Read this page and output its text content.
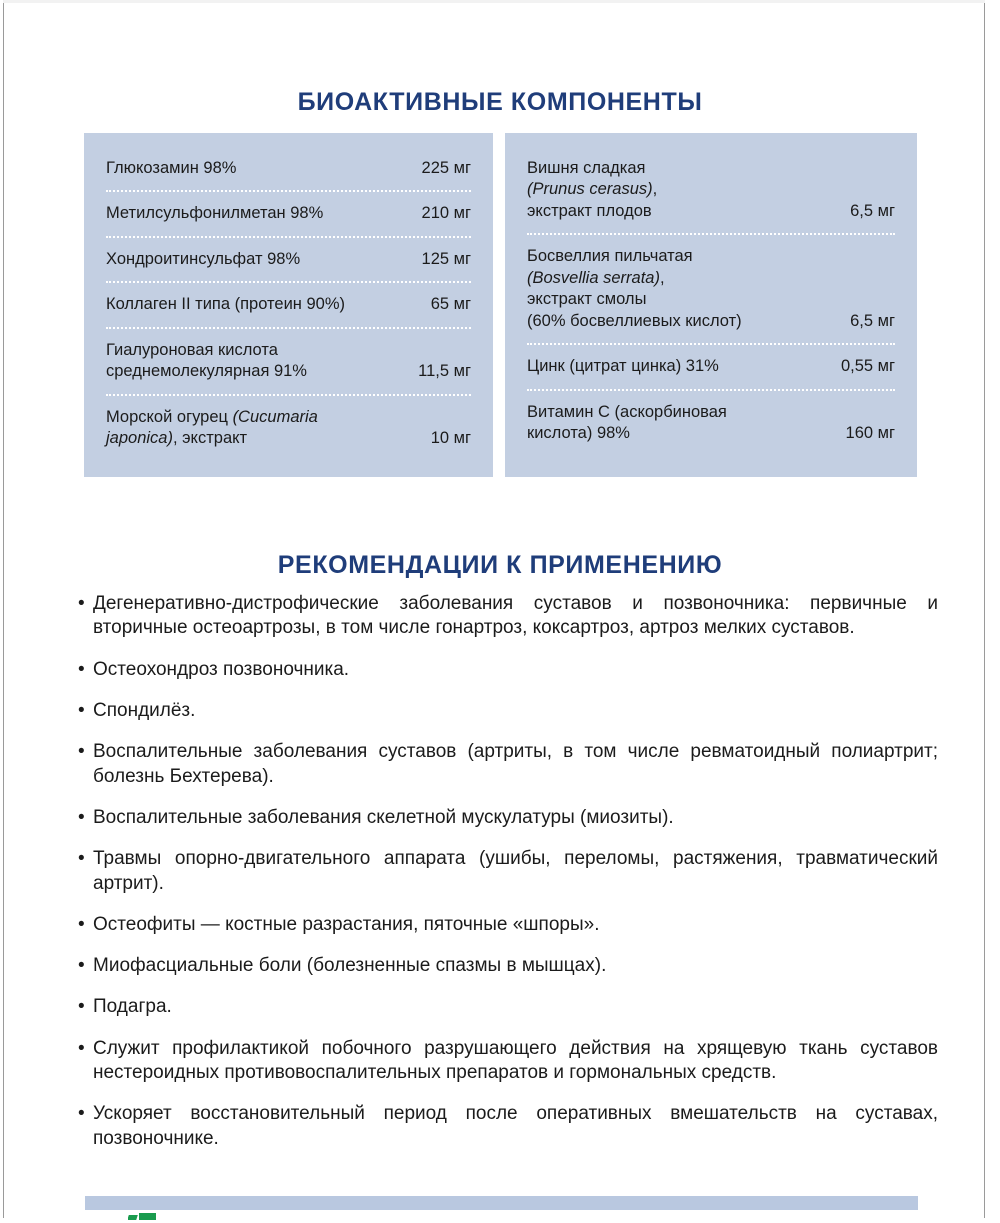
БИОАКТИВНЫЕ КОМПОНЕНТЫ
Глюкозамин 98%	225 мг
Метилсульфонилметан 98%	210 мг
Хондроитинсульфат 98%	125 мг
Коллаген II типа (протеин 90%)	65 мг
Гиалуроновая кислота
среднемолекулярная 91%	11,5 мг
Морской огурец (Cucumaria
japonica), экстракт	10 мг
Вишня сладкая
(Prunus cerasus),
экстракт плодов	6,5 мг
Босвеллия пильчатая
(Bosvellia serrata),
экстракт смолы
(60% босвеллиевых кислот)	6,5 мг
Цинк (цитрат цинка) 31%	0,55 мг
Витамин С (аскорбиновая
кислота) 98%	160 мг
РЕКОМЕНДАЦИИ К ПРИМЕНЕНИЮ
• Дегенеративно-дистрофические заболевания суставов и позвоночника: первичные и вторичные остеоартрозы, в том числе гонартроз, коксартроз, артроз мелких суставов.
• Остеохондроз позвоночника.
• Спондилёз.
• Воспалительные заболевания суставов (артриты, в том числе ревматоидный полиартрит; болезнь Бехтерева).
• Воспалительные заболевания скелетной мускулатуры (миозиты).
• Травмы опорно-двигательного аппарата (ушибы, переломы, растяжения, травматический артрит).
• Остеофиты — костные разрастания, пяточные «шпоры».
• Миофасциальные боли (болезненные спазмы в мышцах).
• Подагра.
• Служит профилактикой побочного разрушающего действия на хрящевую ткань суставов нестероидных противовоспалительных препаратов и гормональных средств.
• Ускоряет восстановительный период после оперативных вмешательств на суставах, позвоночнике.
